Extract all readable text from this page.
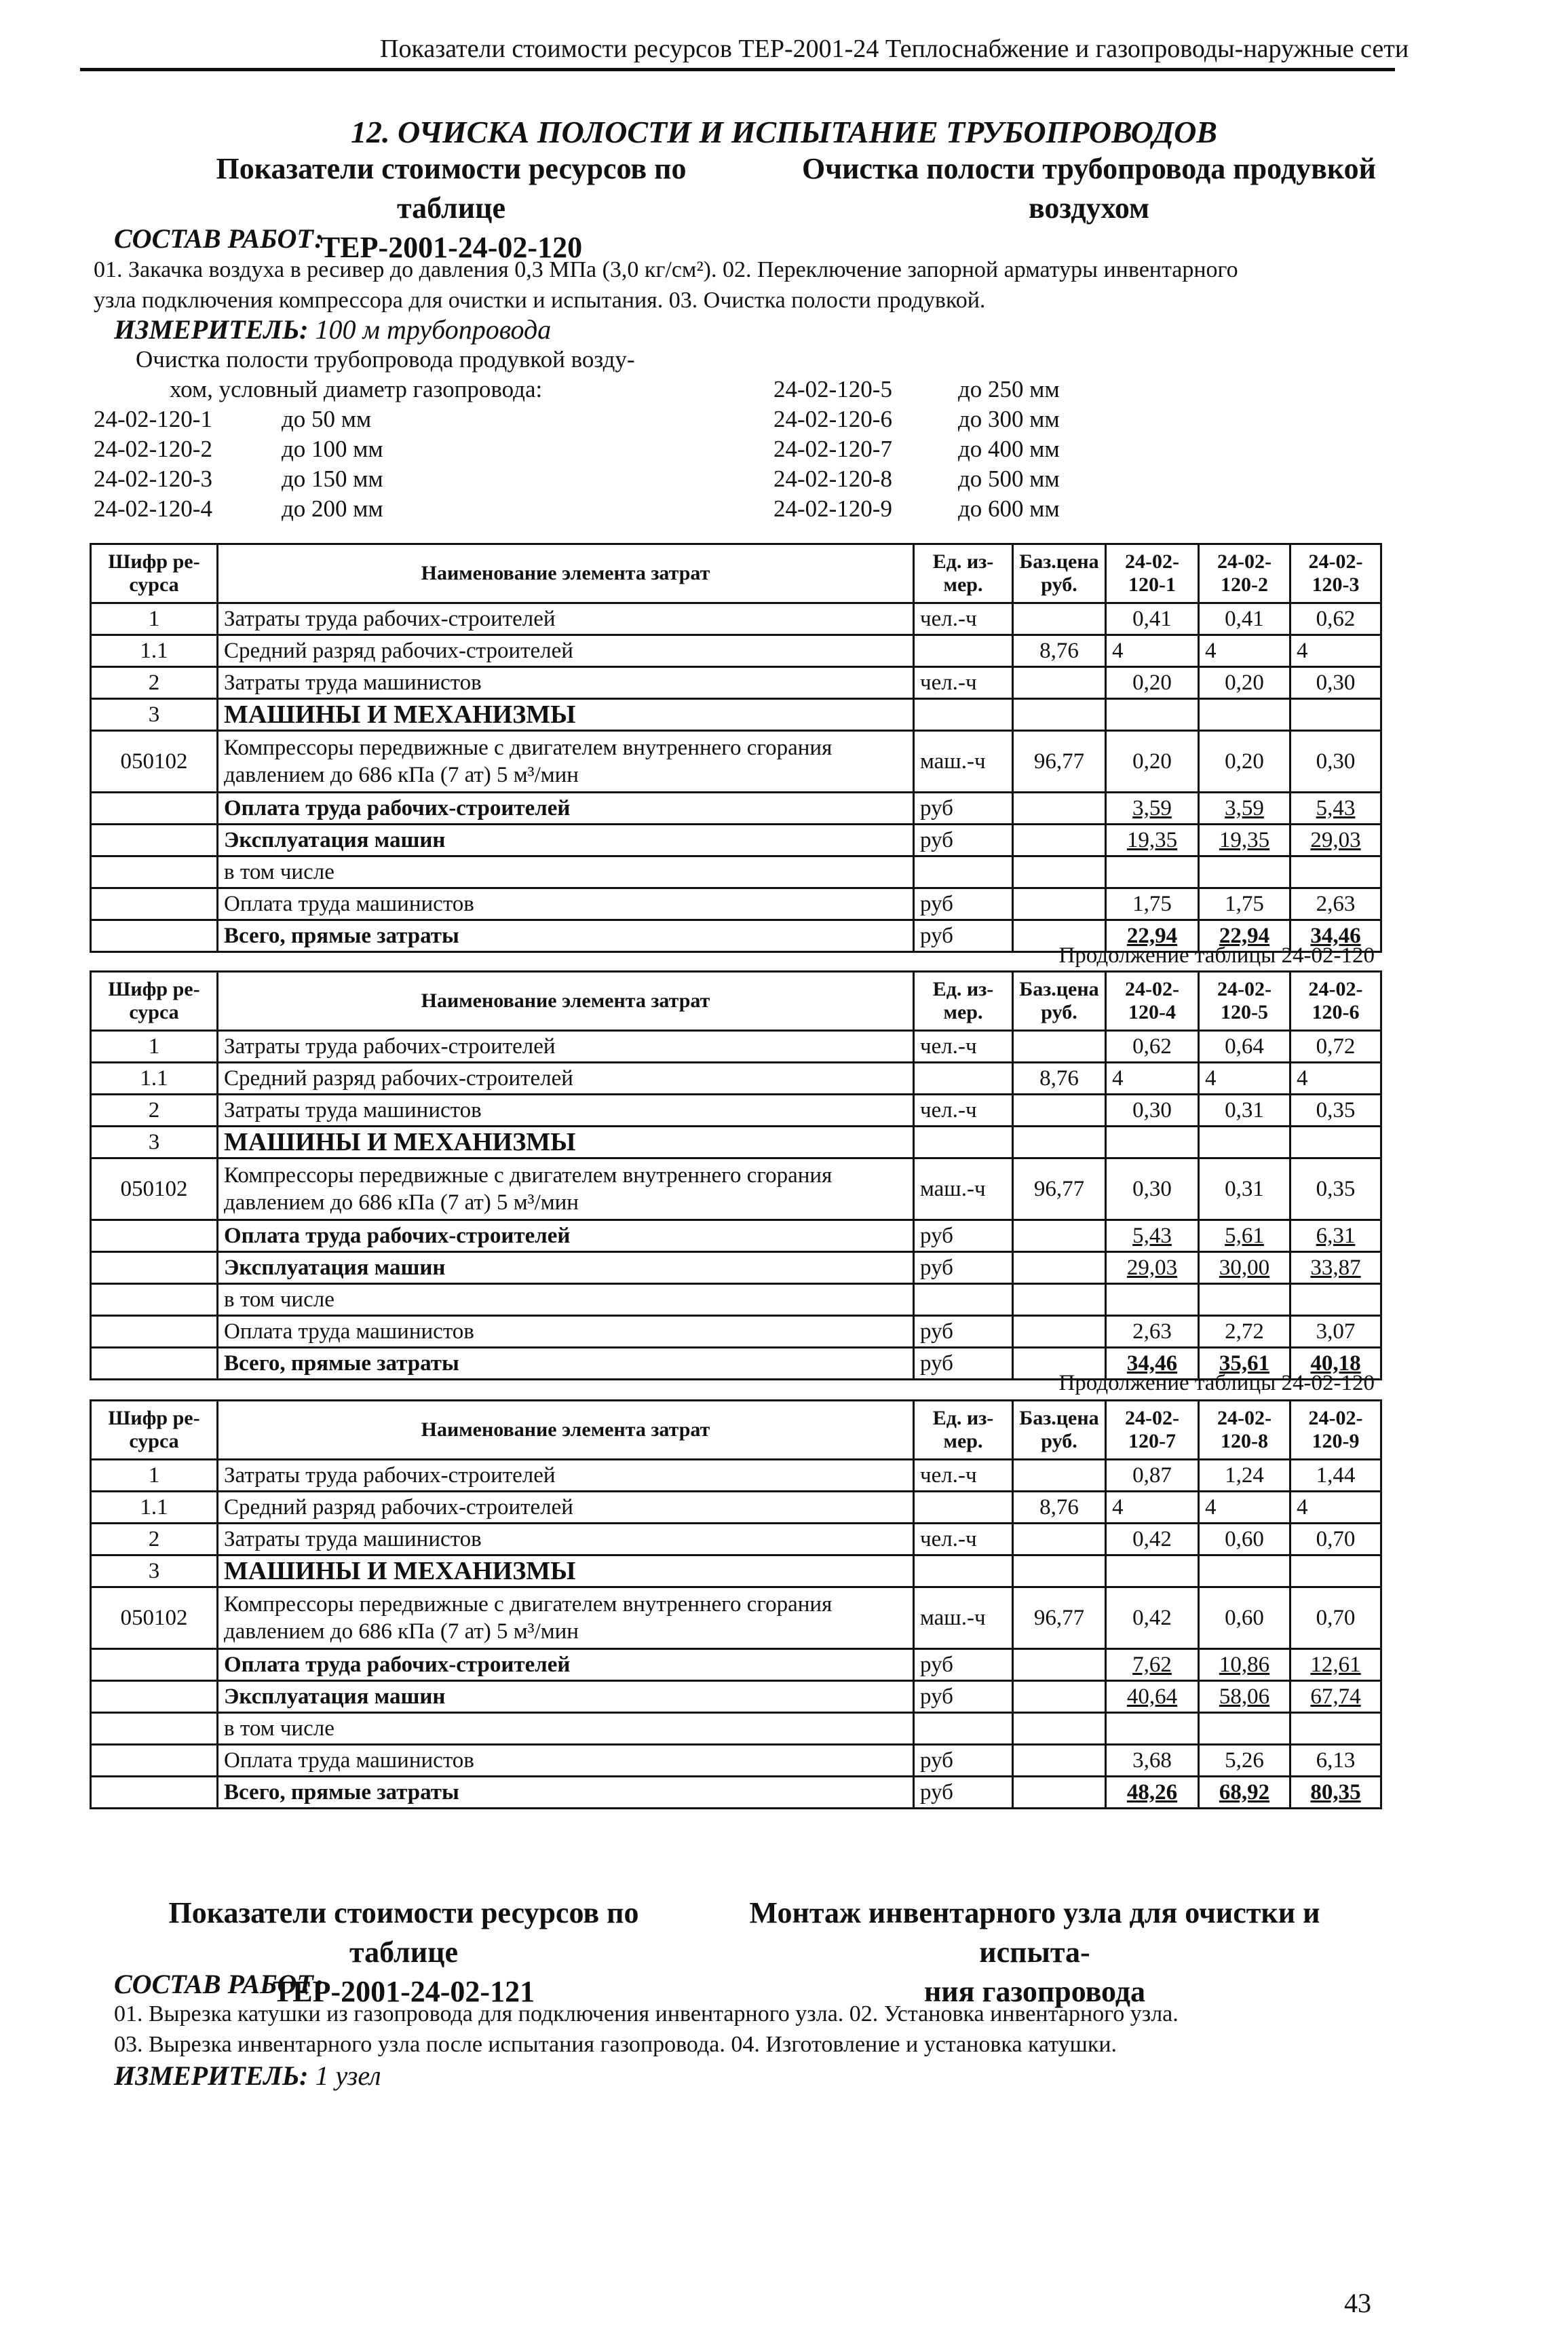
Показатели стоимости ресурсов ТЕР-2001-24 Теплоснабжение и газопроводы-наружные сети
12. ОЧИСКА ПОЛОСТИ И ИСПЫТАНИЕ ТРУБОПРОВОДОВ
Показатели стоимости ресурсов по таблице
ТЕР-2001-24-02-120
Очистка полости трубопровода продувкой
воздухом
СОСТАВ РАБОТ:
01. Закачка воздуха в ресивер до давления 0,3 МПа (3,0 кг/см²). 02. Переключение запорной арматуры инвентарного
узла подключения компрессора для очистки и испытания. 03. Очистка полости продувкой.
ИЗМЕРИТЕЛЬ: 100 м трубопровода
Очистка полости трубопровода продувкой возду-
хом, условный диаметр газопровода:
24-02-120-1	до 50 мм
24-02-120-2	до 100 мм
24-02-120-3	до 150 мм
24-02-120-4	до 200 мм
24-02-120-5	до 250 мм
24-02-120-6	до 300 мм
24-02-120-7	до 400 мм
24-02-120-8	до 500 мм
24-02-120-9	до 600 мм
Шифр ре-сурса	Наименование элемента затрат	Ед. из-мер.	Баз.цена руб.	24-02-120-1	24-02-120-2	24-02-120-3
1	Затраты труда рабочих-строителей	чел.-ч		0,41	0,41	0,62
1.1	Средний разряд рабочих-строителей		8,76	4	4	4
2	Затраты труда машинистов	чел.-ч		0,20	0,20	0,30
3	МАШИНЫ И МЕХАНИЗМЫ					
050102	Компрессоры передвижные с двигателем внутреннего сгорания
давлением до 686 кПа (7 ат) 5 м³/мин	маш.-ч	96,77	0,20	0,20	0,30
	Оплата труда рабочих-строителей	руб		3,59	3,59	5,43
	Эксплуатация машин	руб		19,35	19,35	29,03
	в том числе					
	Оплата труда машинистов	руб		1,75	1,75	2,63
	Всего, прямые затраты	руб		22,94	22,94	34,46
Шифр ре-сурса	Наименование элемента затрат	Ед. из-мер.	Баз.цена руб.	24-02-120-4	24-02-120-5	24-02-120-6
1	Затраты труда рабочих-строителей	чел.-ч		0,62	0,64	0,72
1.1	Средний разряд рабочих-строителей		8,76	4	4	4
2	Затраты труда машинистов	чел.-ч		0,30	0,31	0,35
3	МАШИНЫ И МЕХАНИЗМЫ					
050102	Компрессоры передвижные с двигателем внутреннего сгорания
давлением до 686 кПа (7 ат) 5 м³/мин	маш.-ч	96,77	0,30	0,31	0,35
	Оплата труда рабочих-строителей	руб		5,43	5,61	6,31
	Эксплуатация машин	руб		29,03	30,00	33,87
	в том числе					
	Оплата труда машинистов	руб		2,63	2,72	3,07
	Всего, прямые затраты	руб		34,46	35,61	40,18
Шифр ре-сурса	Наименование элемента затрат	Ед. из-мер.	Баз.цена руб.	24-02-120-7	24-02-120-8	24-02-120-9
1	Затраты труда рабочих-строителей	чел.-ч		0,87	1,24	1,44
1.1	Средний разряд рабочих-строителей		8,76	4	4	4
2	Затраты труда машинистов	чел.-ч		0,42	0,60	0,70
3	МАШИНЫ И МЕХАНИЗМЫ					
050102	Компрессоры передвижные с двигателем внутреннего сгорания
давлением до 686 кПа (7 ат) 5 м³/мин	маш.-ч	96,77	0,42	0,60	0,70
	Оплата труда рабочих-строителей	руб		7,62	10,86	12,61
	Эксплуатация машин	руб		40,64	58,06	67,74
	в том числе					
	Оплата труда машинистов	руб		3,68	5,26	6,13
	Всего, прямые затраты	руб		48,26	68,92	80,35
Продолжение таблицы 24-02-120
Продолжение таблицы 24-02-120
Показатели стоимости ресурсов по таблице
ТЕР-2001-24-02-121
Монтаж инвентарного узла для очистки и испыта-
ния газопровода
СОСТАВ РАБОТ:
01. Вырезка катушки из газопровода для подключения инвентарного узла. 02. Установка инвентарного узла.
03. Вырезка инвентарного узла после испытания газопровода. 04. Изготовление и установка катушки.
ИЗМЕРИТЕЛЬ: 1 узел
43
